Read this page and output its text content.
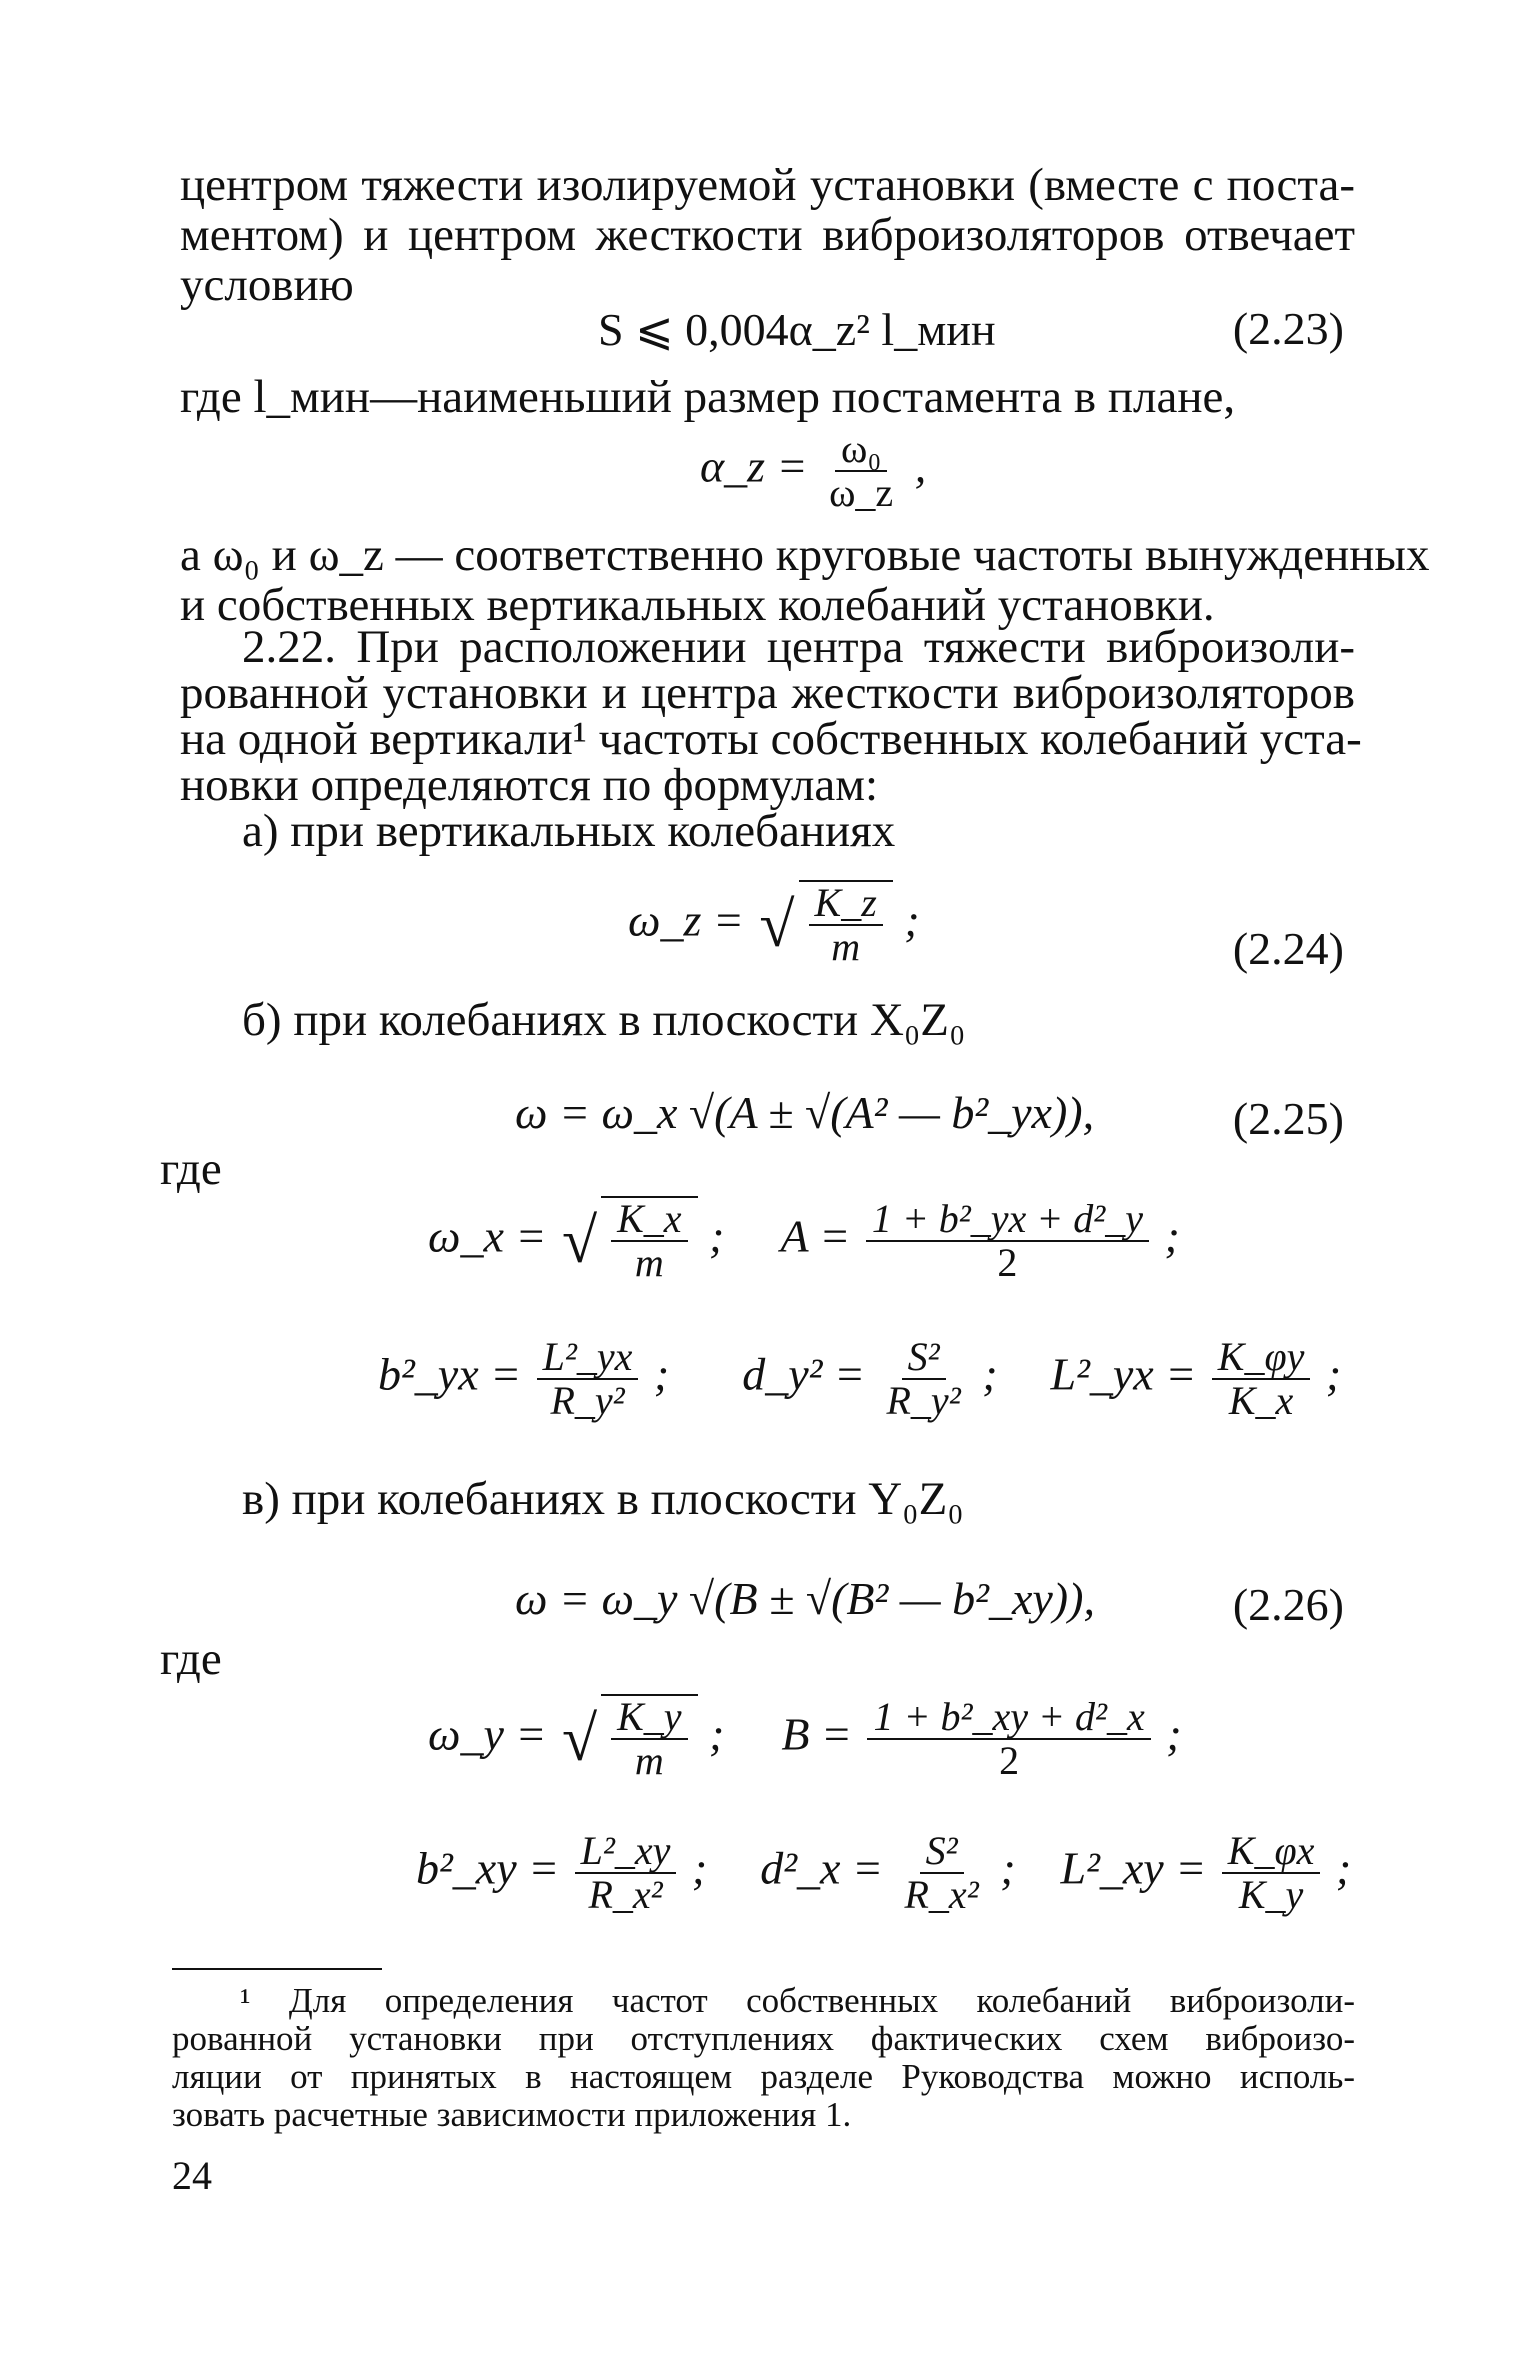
центром тяжести изолируемой установки (вместе с поста-
ментом) и центром жесткости виброизоляторов отвечает
условию
S ⩽ 0,004α_z² l_мин	(2.23)
где l_мин—наименьший размер постамента в плане,
α_z = $\frac{\text{ω₀}}{\omega\_z}$ ,
а ω₀ и ω_z — соответственно круговые частоты вынужденных
и собственных вертикальных колебаний установки.
2.22. При расположении центра тяжести виброизоли-
рованной установки и центра жесткости виброизоляторов
на одной вертикали¹ частоты собственных колебаний уста-
новки определяются по формулам:
а) при вертикальных колебаниях
ω_z = √ $\frac{K\_z}{m}$ ;
(2.24)
б) при колебаниях в плоскости X₀Z₀
ω = ω_x √(A ± √(A² — b²_yx)),	(2.25)
где
ω_x = √ $\frac{K\_x}{m}$ ; $A = \frac{\text{1 + b²\_yx + d²\_y}}{2}$ ;
b²_yx = $\frac{\text{L²\_yx}}{\text{R\_y²}}$ ; d_y² = $\frac{\text{S²}}{\text{R\_y²}}$ ; L²_yx = $\frac{K\_\varphi y}{K\_x}$ ;
в) при колебаниях в плоскости Y₀Z₀
ω = ω_y √(B ± √(B² — b²_xy)),	(2.26)
где
ω_y = √ $\frac{K\_y}{m}$ ; $B = \frac{\text{1 + b²\_xy + d²\_x}}{2}$ ;
b²_xy = $\frac{\text{L²\_xy}}{\text{R\_x²}}$ ; d²_x = $\frac{\text{S²}}{\text{R\_x²}}$ ; L²_xy = $\frac{K\_\varphi x}{K\_y}$ ;
¹ Для определения частот собственных колебаний виброизоли-
рованной установки при отступлениях фактических схем виброизо-
ляции от принятых в настоящем разделе Руководства можно исполь-
зовать расчетные зависимости приложения 1.
24
